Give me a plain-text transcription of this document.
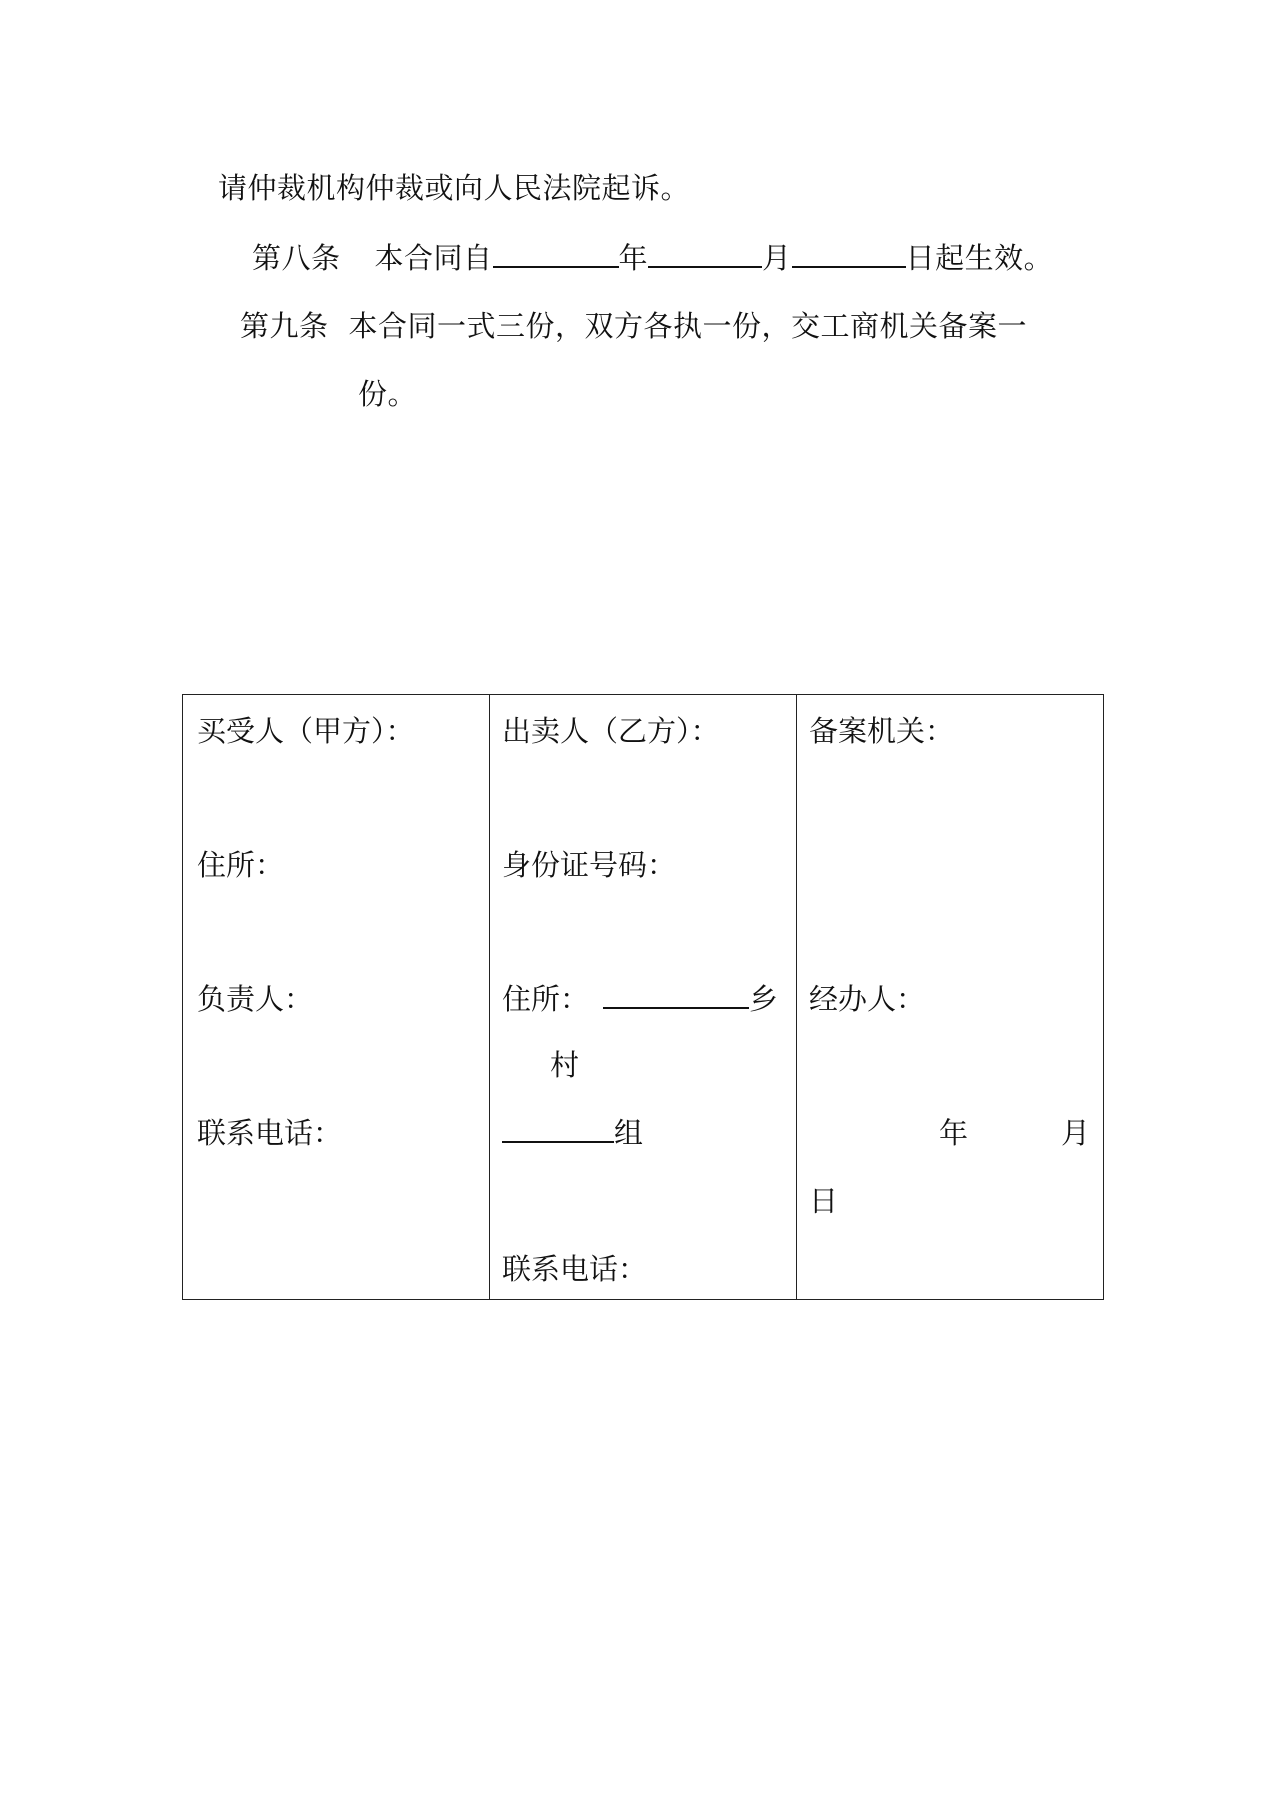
请仲裁机构仲裁或向人民法院起诉。
第八条 本合同自	年	月	日起生效。
第九条 本合同一式三份，双方各执一份，交工商机关备案一
份。
买受人（甲方）：
住所：
负责人：
联系电话：

出卖人（乙方）：
身份证号码：
住所：	乡
村
组
联系电话：

备案机关：
经办人：
年	月
日
